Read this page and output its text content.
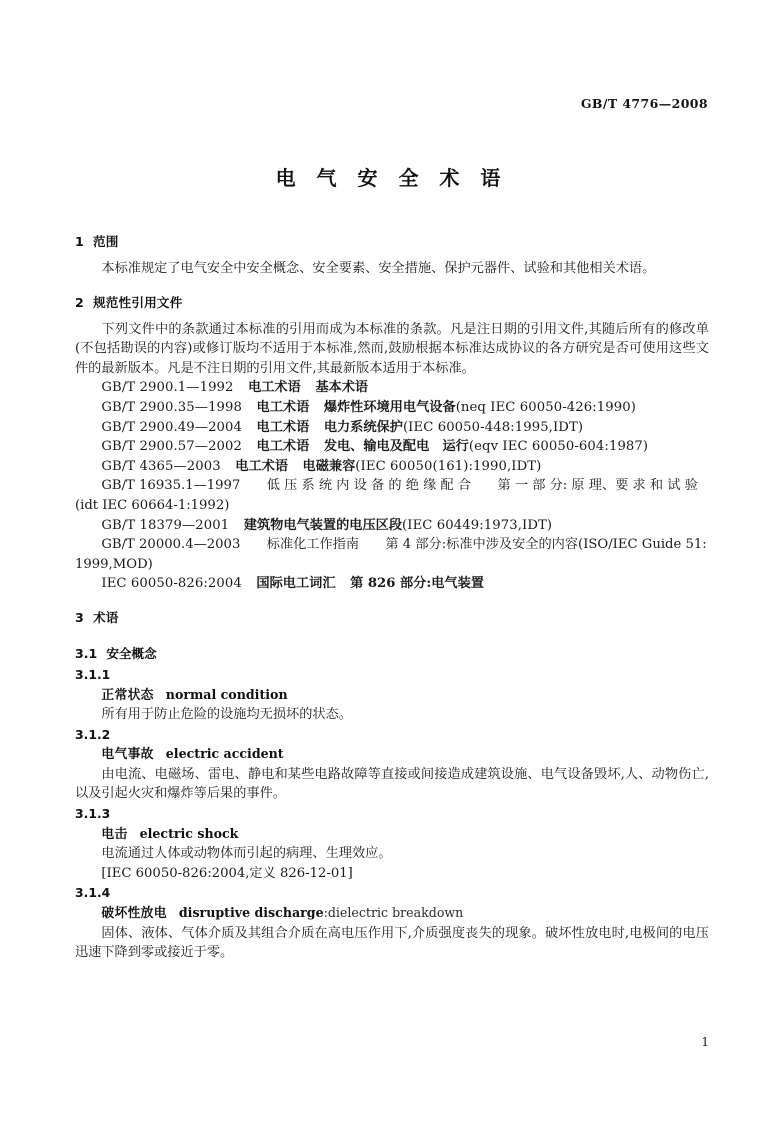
GB/T 4776—2008
电 气 安 全 术 语
1 范围

本标准规定了电气安全中安全概念、安全要素、安全措施、保护元器件、试验和其他相关术语。

2 规范性引用文件

下列文件中的条款通过本标准的引用而成为本标准的条款。凡是注日期的引用文件,其随后所有的修改单(不包括勘误的内容)或修订版均不适用于本标准,然而,鼓励根据本标准达成协议的各方研究是否可使用这些文件的最新版本。凡是不注日期的引用文件,其最新版本适用于本标准。

GB/T 2900.1—1992 电工术语 基本术语

GB/T 2900.35—1998 电工术语 爆炸性环境用电气设备(neq IEC 60050-426:1990)

GB/T 2900.49—2004 电工术语 电力系统保护(IEC 60050-448:1995,IDT)

GB/T 2900.57—2002 电工术语 发电、输电及配电　运行(eqv IEC 60050-604:1987)

GB/T 4365—2003 电工术语 电磁兼容(IEC 60050(161):1990,IDT)

GB/T 16935.1—1997　　低 压 系 统 内 设 备 的 绝 缘 配 合　　第 一 部 分: 原 理、要 求 和 试 验

(idt IEC 60664-1:1992)

GB/T 18379—2001 建筑物电气装置的电压区段(IEC 60449:1973,IDT)

GB/T 20000.4—2003　　标准化工作指南　　第 4 部分:标准中涉及安全的内容(ISO/IEC Guide 51:

1999,MOD)

IEC 60050-826:2004 国际电工词汇 第 826 部分:电气装置

3 术语
3.1 安全概念

3.1.1

正常状态 normal condition

所有用于防止危险的设施均无损坏的状态。

3.1.2

电气事故 electric accident

由电流、电磁场、雷电、静电和某些电路故障等直接或间接造成建筑设施、电气设备毁坏,人、动物伤亡,以及引起火灾和爆炸等后果的事件。

3.1.3

电击 electric shock

电流通过人体或动物体而引起的病理、生理效应。

[IEC 60050-826:2004,定义 826-12-01]

3.1.4

破坏性放电 disruptive discharge:dielectric breakdown

固体、液体、气体介质及其组合介质在高电压作用下,介质强度丧失的现象。破坏性放电时,电极间的电压迅速下降到零或接近于零。

1
